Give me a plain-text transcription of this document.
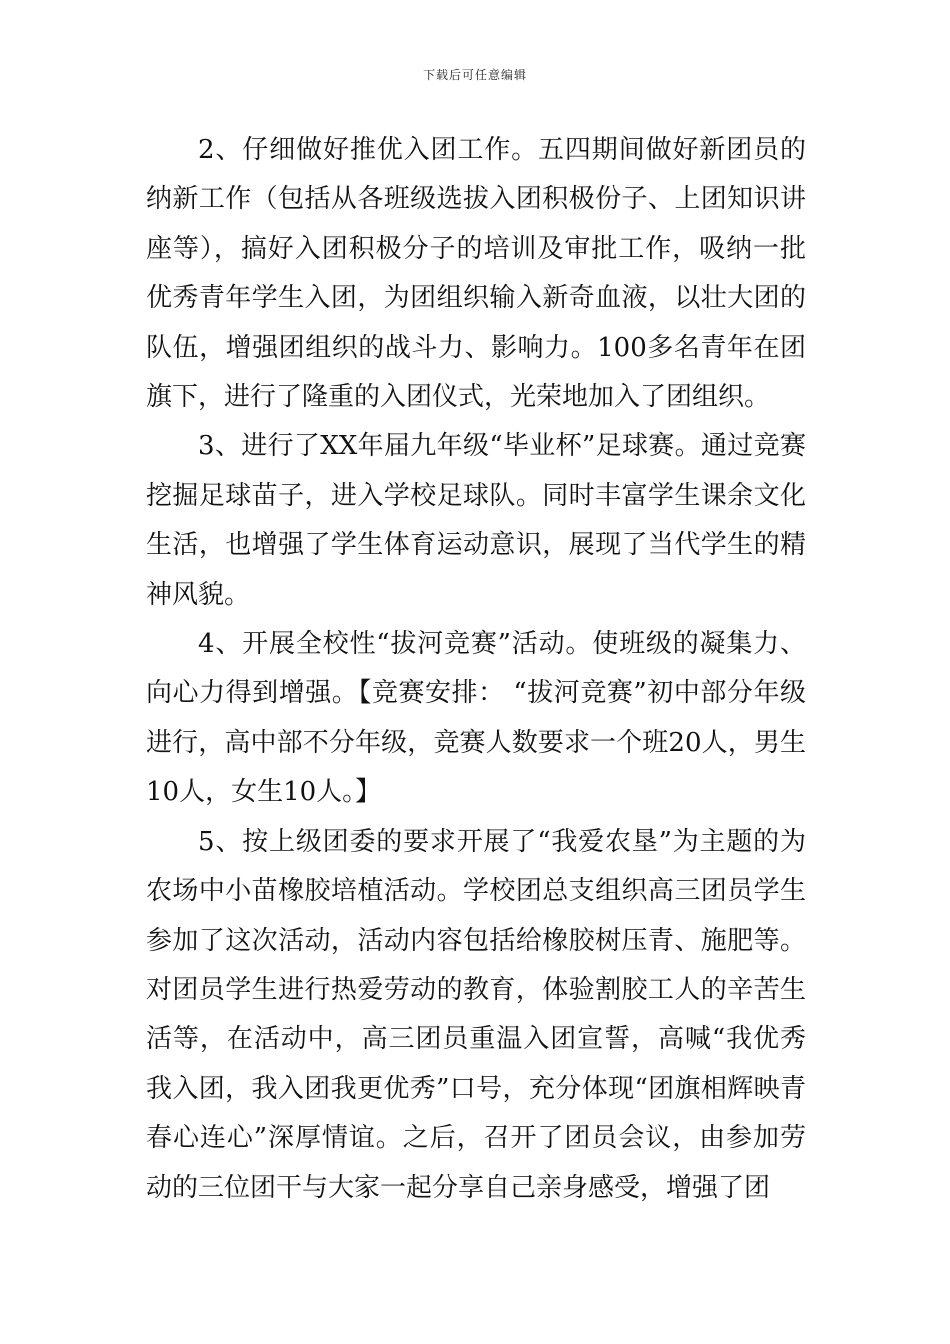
下载后可任意编辑

2、仔细做好推优入团工作。五四期间做好新团员的纳新工作（包括从各班级选拔入团积极份子、上团知识讲座等），搞好入团积极分子的培训及审批工作，吸纳一批优秀青年学生入团，为团组织输入新奇血液，以壮大团的队伍，增强团组织的战斗力、影响力。100多名青年在团旗下，进行了隆重的入团仪式，光荣地加入了团组织。

3、进行了XX年届九年级“毕业杯”足球赛。通过竞赛挖掘足球苗子，进入学校足球队。同时丰富学生课余文化生活，也增强了学生体育运动意识，展现了当代学生的精神风貌。

4、开展全校性“拔河竞赛”活动。使班级的凝集力、向心力得到增强。【竞赛安排： “拔河竞赛”初中部分年级进行，高中部不分年级，竞赛人数要求一个班20人，男生10人，女生10人。】

5、按上级团委的要求开展了“我爱农垦”为主题的为农场中小苗橡胶培植活动。学校团总支组织高三团员学生参加了这次活动，活动内容包括给橡胶树压青、施肥等。对团员学生进行热爱劳动的教育，体验割胶工人的辛苦生活等，在活动中，高三团员重温入团宣誓，高喊“我优秀我入团，我入团我更优秀”口号，充分体现“团旗相辉映青春心连心”深厚情谊。之后，召开了团员会议，由参加劳动的三位团干与大家一起分享自己亲身感受，增强了团
